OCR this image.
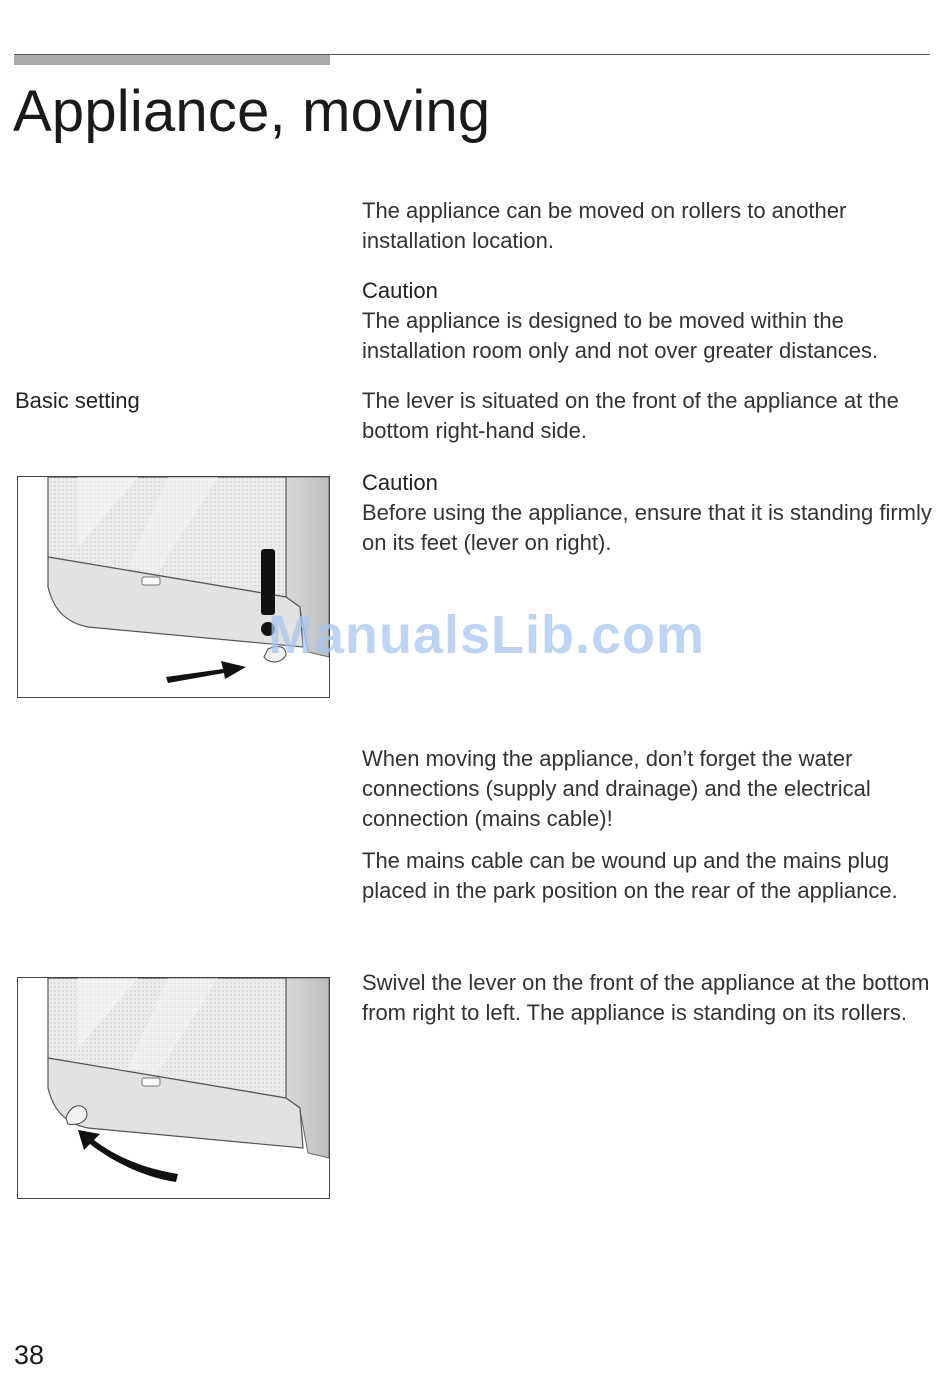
Appliance, moving

The appliance can be moved on rollers to another installation location.

Caution
The appliance is designed to be moved within the installation room only and not over greater distances.
Basic setting	The lever is situated on the front of the appliance at the bottom right-hand side.

Caution
Before using the appliance, ensure that it is standing firmly on its feet (lever on right).
ManualsLib.com

When moving the appliance, don’t forget the water connections (supply and drainage) and the electrical connection (mains cable)!

The mains cable can be wound up and the mains plug placed in the park position on the rear of the appliance.

Swivel the lever on the front of the appliance at the bottom from right to left. The appliance is standing on its rollers.

38
